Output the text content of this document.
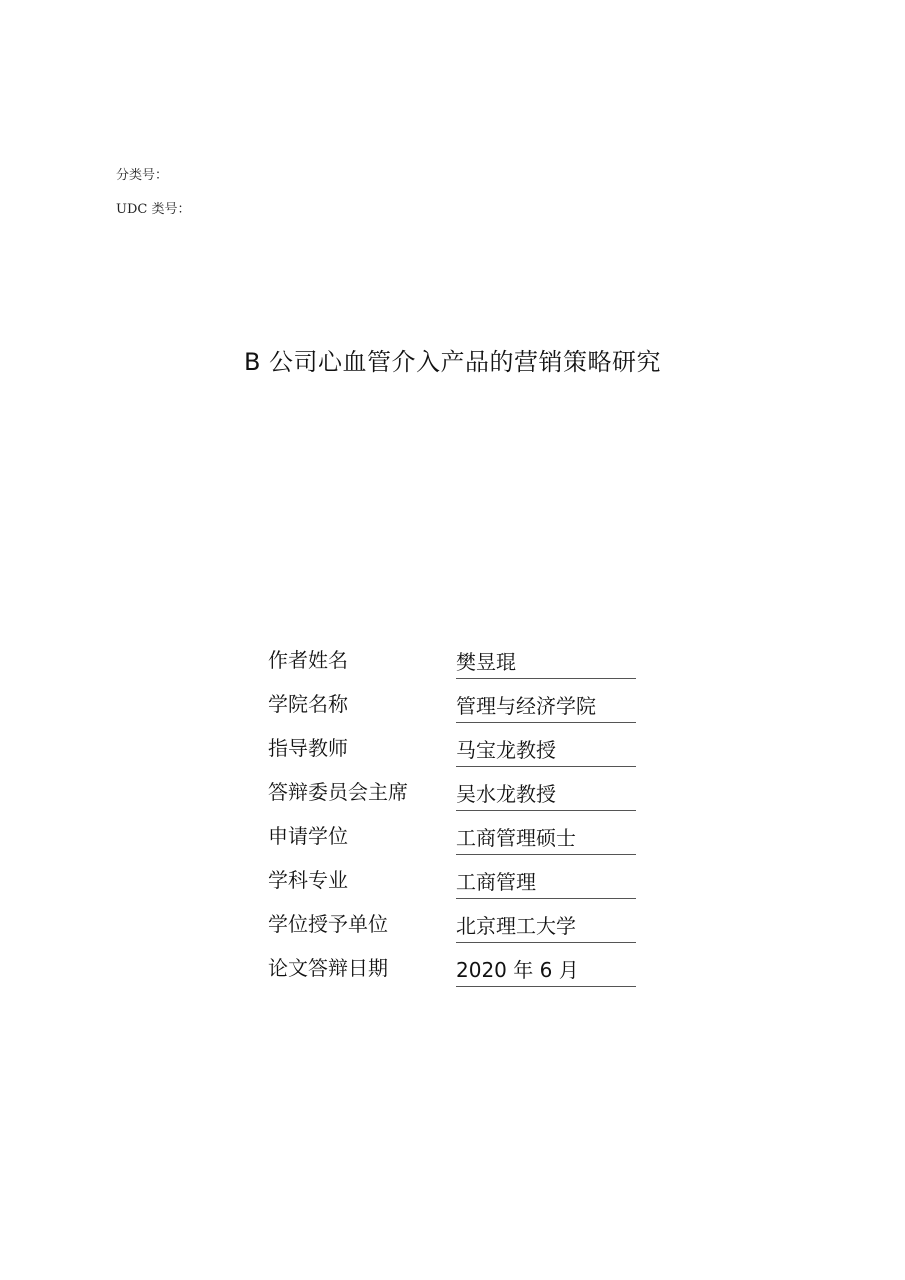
分类号：
UDC 类号：
B 公司心血管介入产品的营销策略研究
作者姓名	樊昱琨
学院名称	管理与经济学院
指导教师	马宝龙教授
答辩委员会主席 吴水龙教授
申请学位	工商管理硕士
学科专业	工商管理
学位授予单位	北京理工大学
论文答辩日期	2020 年 6 月
